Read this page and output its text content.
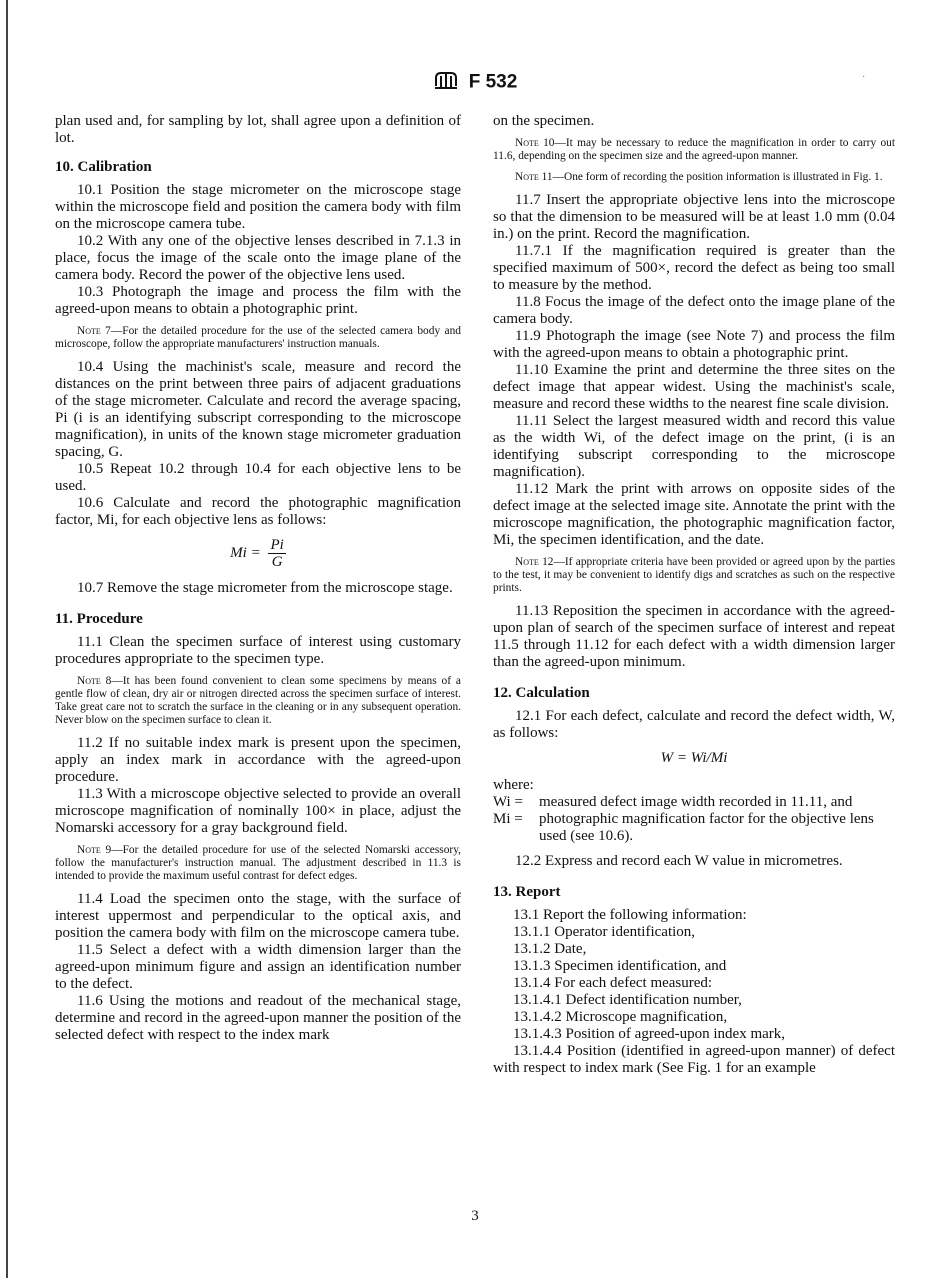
·
F 532

plan used and, for sampling by lot, shall agree upon a definition of lot.

10. Calibration

10.1 Position the stage micrometer on the microscope stage within the microscope field and position the camera body with film on the microscope camera tube.

10.2 With any one of the objective lenses described in 7.1.3 in place, focus the image of the scale onto the image plane of the camera body. Record the power of the objective lens used.

10.3 Photograph the image and process the film with the agreed-upon means to obtain a photographic print.

Note 7—For the detailed procedure for the use of the selected camera body and microscope, follow the appropriate manufacturers' instruction manuals.

10.4 Using the machinist's scale, measure and record the distances on the print between three pairs of adjacent graduations of the stage micrometer. Calculate and record the average spacing, Pi (i is an identifying subscript corresponding to the microscope magnification), in units of the known stage micrometer graduation spacing, G.

10.5 Repeat 10.2 through 10.4 for each objective lens to be used.

10.6 Calculate and record the photographic magnification factor, Mi, for each objective lens as follows:

$Mi = \frac{Pi}{G}$

10.7 Remove the stage micrometer from the microscope stage.

11. Procedure

11.1 Clean the specimen surface of interest using customary procedures appropriate to the specimen type.

Note 8—It has been found convenient to clean some specimens by means of a gentle flow of clean, dry air or nitrogen directed across the specimen surface of interest. Take great care not to scratch the surface in the cleaning or in any subsequent operation. Never blow on the specimen surface to clean it.

11.2 If no suitable index mark is present upon the specimen, apply an index mark in accordance with the agreed-upon procedure.

11.3 With a microscope objective selected to provide an overall microscope magnification of nominally 100× in place, adjust the Nomarski accessory for a gray background field.

Note 9—For the detailed procedure for use of the selected Nomarski accessory, follow the manufacturer's instruction manual. The adjustment described in 11.3 is intended to provide the maximum useful contrast for defect edges.

11.4 Load the specimen onto the stage, with the surface of interest uppermost and perpendicular to the optical axis, and position the camera body with film on the microscope camera tube.

11.5 Select a defect with a width dimension larger than the agreed-upon minimum figure and assign an identification number to the defect.

11.6 Using the motions and readout of the mechanical stage, determine and record in the agreed-upon manner the position of the selected defect with respect to the index mark

on the specimen.

Note 10—It may be necessary to reduce the magnification in order to carry out 11.6, depending on the specimen size and the agreed-upon manner.

Note 11—One form of recording the position information is illustrated in Fig. 1.

11.7 Insert the appropriate objective lens into the microscope so that the dimension to be measured will be at least 1.0 mm (0.04 in.) on the print. Record the magnification.

11.7.1 If the magnification required is greater than the specified maximum of 500×, record the defect as being too small to measure by the method.

11.8 Focus the image of the defect onto the image plane of the camera body.

11.9 Photograph the image (see Note 7) and process the film with the agreed-upon means to obtain a photographic print.

11.10 Examine the print and determine the three sites on the defect image that appear widest. Using the machinist's scale, measure and record these widths to the nearest fine scale division.

11.11 Select the largest measured width and record this value as the width Wi, of the defect image on the print, (i is an identifying subscript corresponding to the microscope magnification).

11.12 Mark the print with arrows on opposite sides of the defect image at the selected image site. Annotate the print with the microscope magnification, the photographic magnification factor, Mi, the specimen identification, and the date.

Note 12—If appropriate criteria have been provided or agreed upon by the parties to the test, it may be convenient to identify digs and scratches as such on the respective prints.

11.13 Reposition the specimen in accordance with the agreed-upon plan of search of the specimen surface of interest and repeat 11.5 through 11.12 for each defect with a width dimension larger than the agreed-upon minimum.

12. Calculation

12.1 For each defect, calculate and record the defect width, W, as follows:

W = Wi/Mi

where:

Wi = measured defect image width recorded in 11.11, and
Mi = photographic magnification factor for the objective lens used (see 10.6).

12.2 Express and record each W value in micrometres.

13. Report

13.1 Report the following information:

13.1.1 Operator identification,

13.1.2 Date,

13.1.3 Specimen identification, and

13.1.4 For each defect measured:

13.1.4.1 Defect identification number,

13.1.4.2 Microscope magnification,

13.1.4.3 Position of agreed-upon index mark,

13.1.4.4 Position (identified in agreed-upon manner) of defect with respect to index mark (See Fig. 1 for an example

3
